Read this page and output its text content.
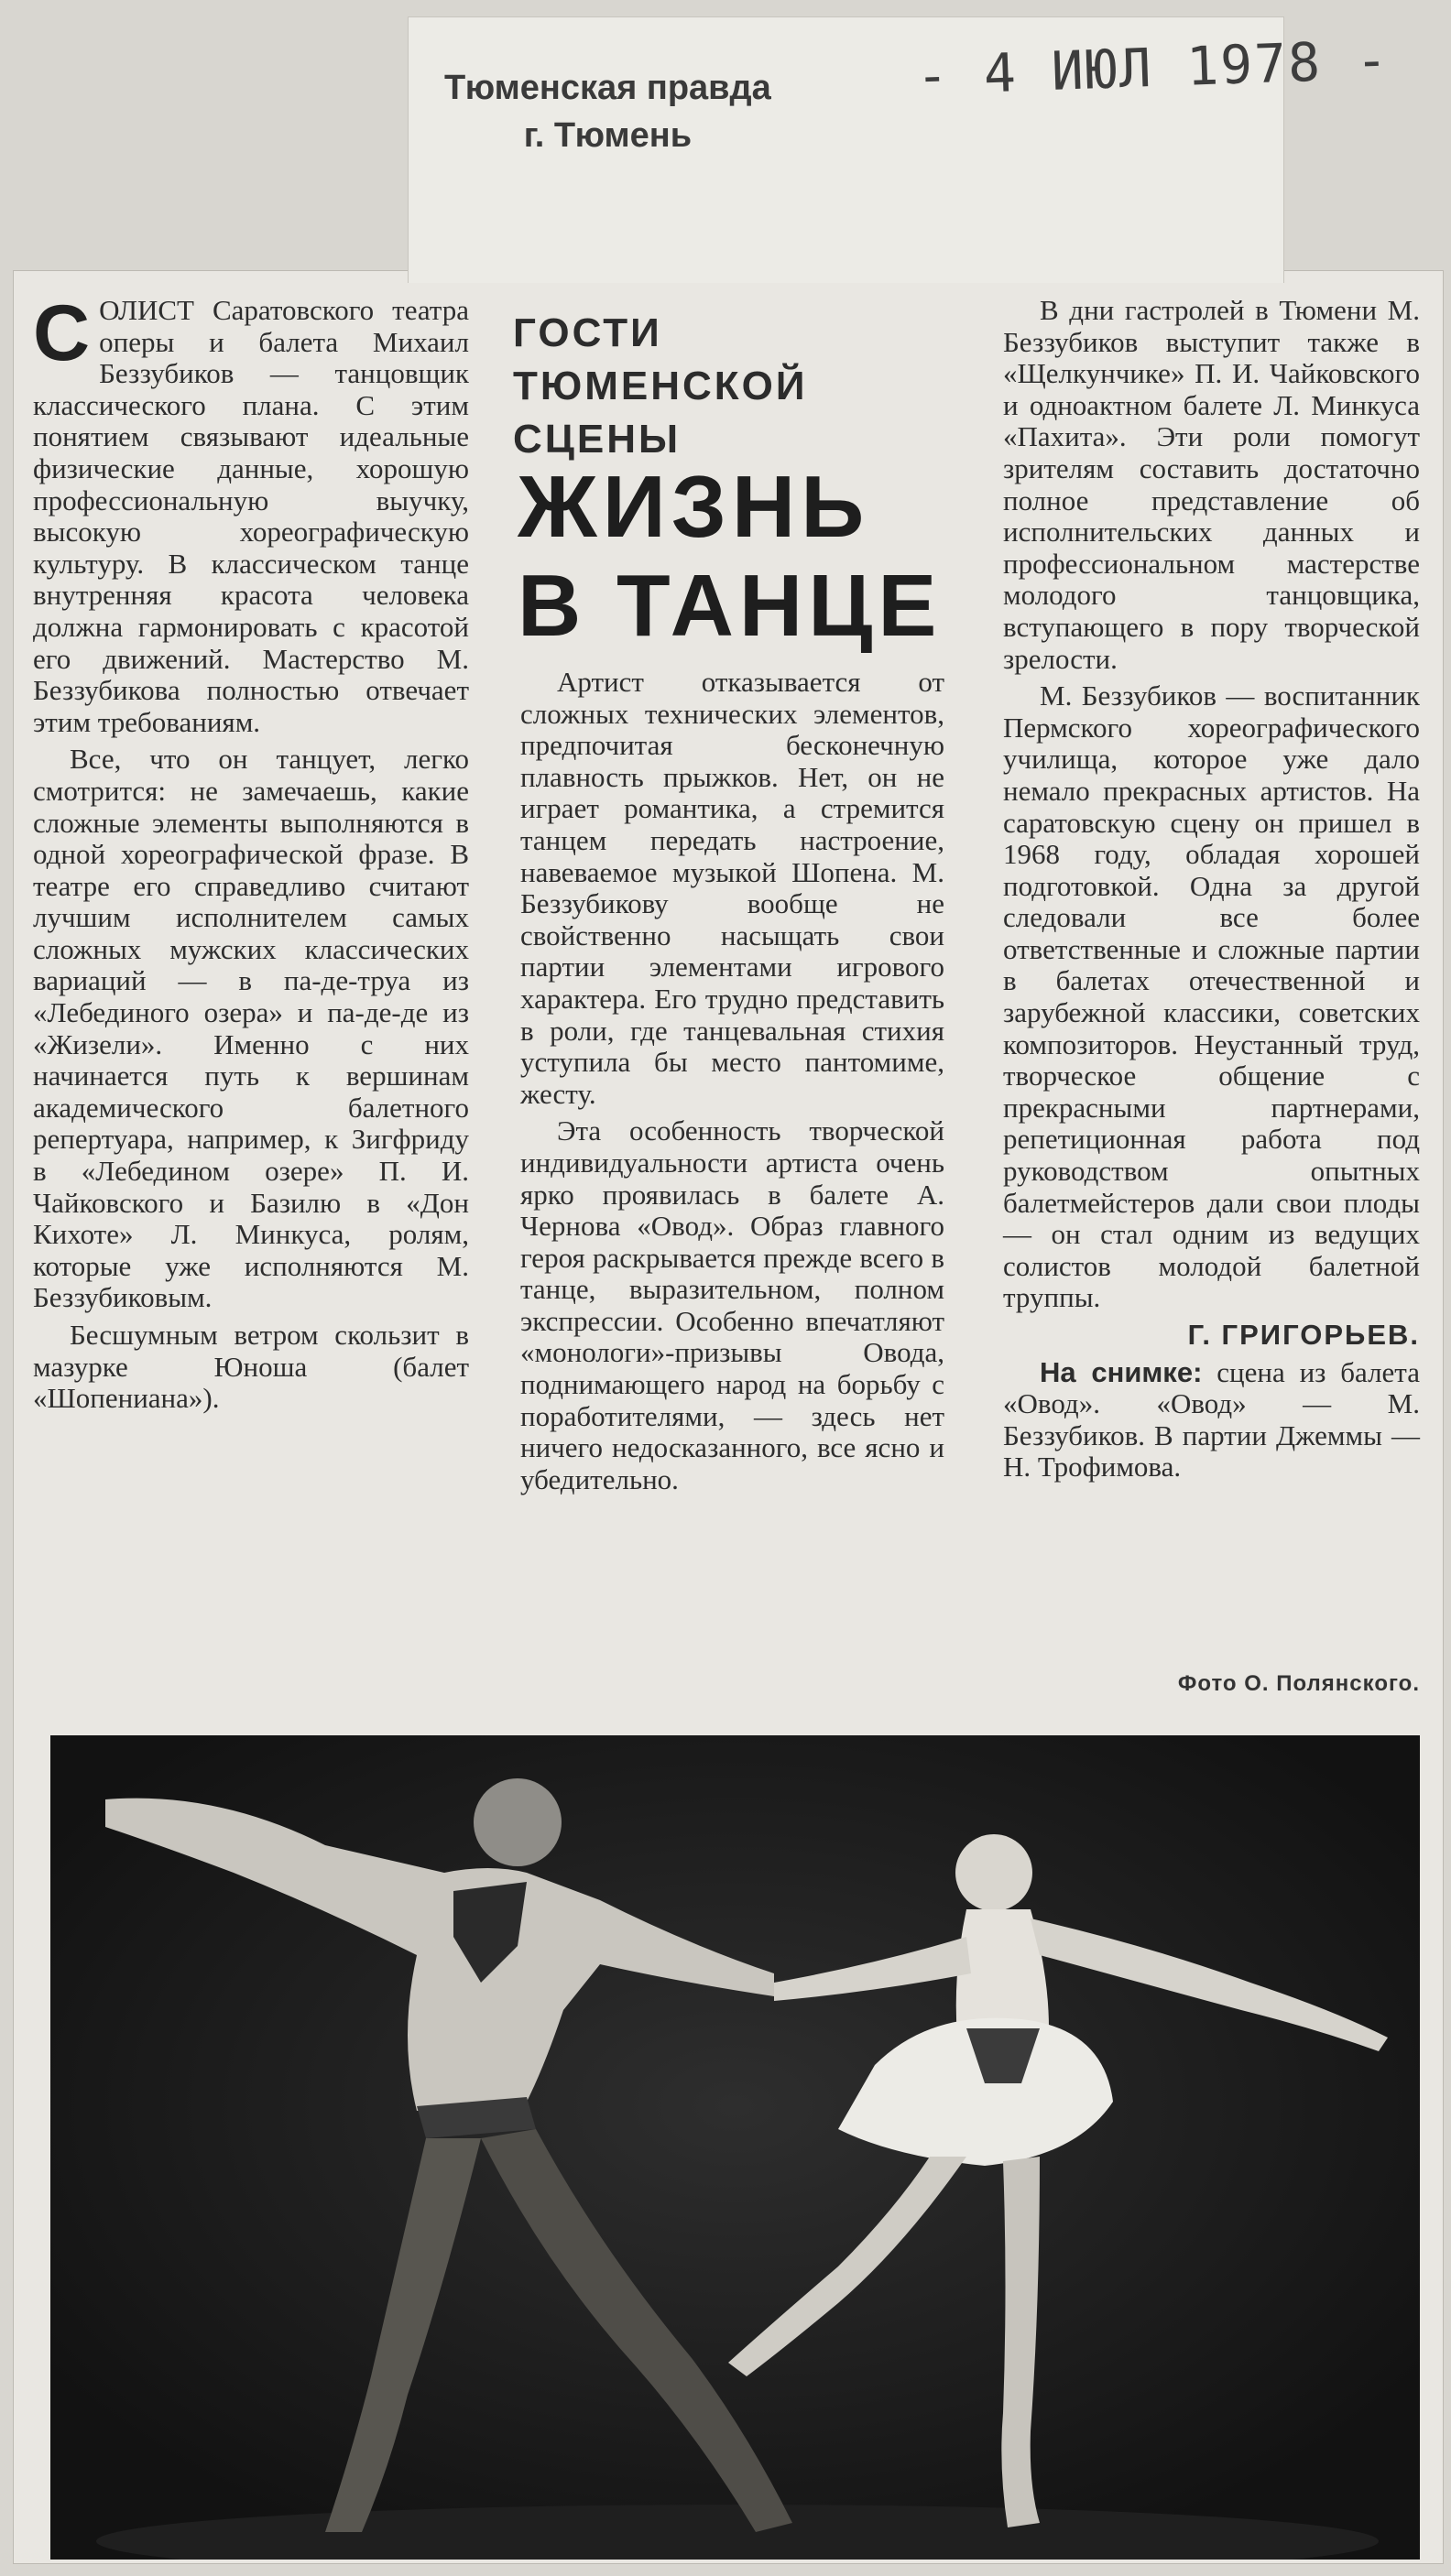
Тюменская правда
г. Тюмень
- 4 ИЮЛ 1978 -

СОЛИСТ Саратовского театра оперы и балета Михаил Беззубиков — танцовщик классического плана. С этим понятием связывают идеальные физические данные, хорошую профессиональную выучку, высокую хореографическую культуру. В классическом танце внутренняя красота человека должна гармонировать с красотой его движений. Мастерство М. Беззубикова полностью отвечает этим требованиям.

Все, что он танцует, легко смотрится: не замечаешь, какие сложные элементы выполняются в одной хореографической фразе. В театре его справедливо считают лучшим исполнителем самых сложных мужских классических вариаций — в па-де-труа из «Лебединого озера» и па-де-де из «Жизели». Именно с них начинается путь к вершинам академического балетного репертуара, например, к Зигфриду в «Лебедином озере» П. И. Чайковского и Базилю в «Дон Кихоте» Л. Минкуса, ролям, которые уже исполняются М. Беззубиковым.

Бесшумным ветром скользит в мазурке Юноша (балет «Шопениана»).

ГОСТИ ТЮМЕНСКОЙ СЦЕНЫ
ЖИЗНЬ В ТАНЦЕ

Артист отказывается от сложных технических элементов, предпочитая бесконечную плавность прыжков. Нет, он не играет романтика, а стремится танцем передать настроение, навеваемое музыкой Шопена. М. Беззубикову вообще не свойственно насыщать свои партии элементами игрового характера. Его трудно представить в роли, где танцевальная стихия уступила бы место пантомиме, жесту.

Эта особенность творческой индивидуальности артиста очень ярко проявилась в балете А. Чернова «Овод». Образ главного героя раскрывается прежде всего в танце, выразительном, полном экспрессии. Особенно впечатляют «монологи»-призывы Овода, поднимающего народ на борьбу с поработителями, — здесь нет ничего недосказанного, все ясно и убедительно.

В дни гастролей в Тюмени М. Беззубиков выступит также в «Щелкунчике» П. И. Чайковского и одноактном балете Л. Минкуса «Пахита». Эти роли помогут зрителям составить достаточно полное представление об исполнительских данных и профессиональном мастерстве молодого танцовщика, вступающего в пору творческой зрелости.

М. Беззубиков — воспитанник Пермского хореографического училища, которое уже дало немало прекрасных артистов. На саратовскую сцену он пришел в 1968 году, обладая хорошей подготовкой. Одна за другой следовали все более ответственные и сложные партии в балетах отечественной и зарубежной классики, советских композиторов. Неустанный труд, творческое общение с прекрасными партнерами, репетиционная работа под руководством опытных балетмейстеров дали свои плоды — он стал одним из ведущих солистов молодой балетной труппы.

Г. ГРИГОРЬЕВ.

На снимке: сцена из балета «Овод». «Овод» — М. Беззубиков. В партии Джеммы — Н. Трофимова.

Фото О. Полянского.
